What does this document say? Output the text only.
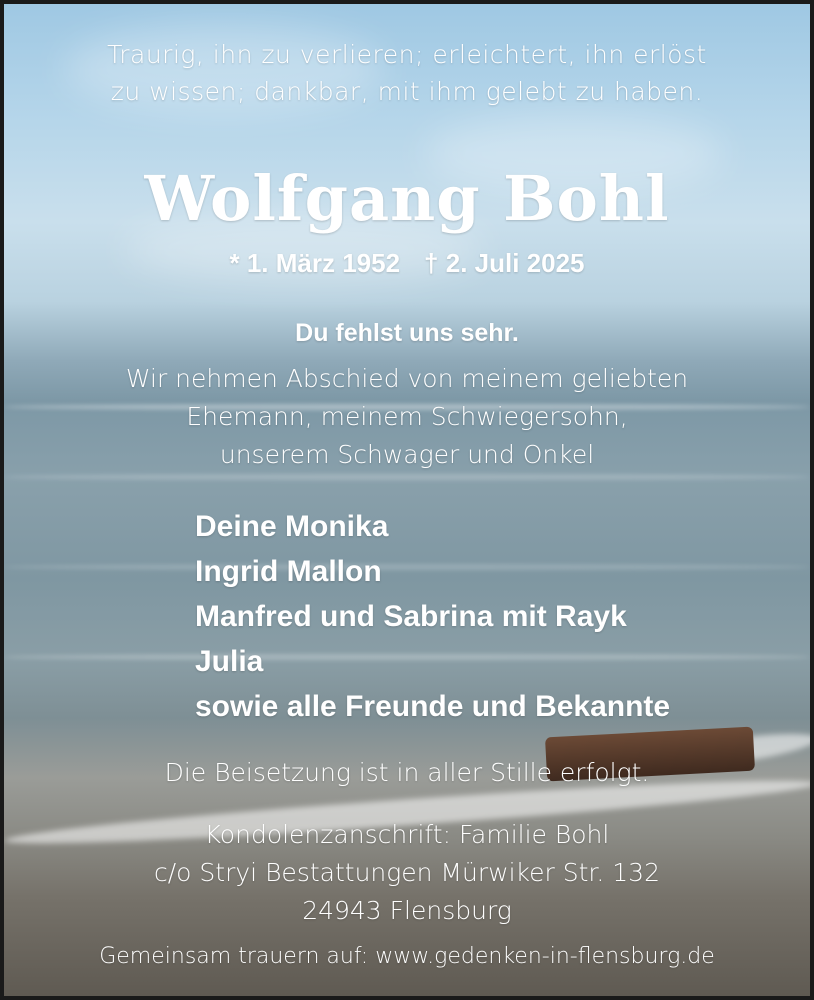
Traurig, ihn zu verlieren; erleichtert, ihn erlöst
zu wissen; dankbar, mit ihm gelebt zu haben.
Wolfgang Bohl
* 1. März 1952 † 2. Juli 2025
Du fehlst uns sehr.
Wir nehmen Abschied von meinem geliebten
Ehemann, meinem Schwiegersohn,
unserem Schwager und Onkel
Deine Monika
Ingrid Mallon
Manfred und Sabrina mit Rayk
Julia
sowie alle Freunde und Bekannte
Die Beisetzung ist in aller Stille erfolgt.
Kondolenzanschrift: Familie Bohl
c/o Stryi Bestattungen Mürwiker Str. 132
24943 Flensburg
Gemeinsam trauern auf: www.gedenken-in-flensburg.de
